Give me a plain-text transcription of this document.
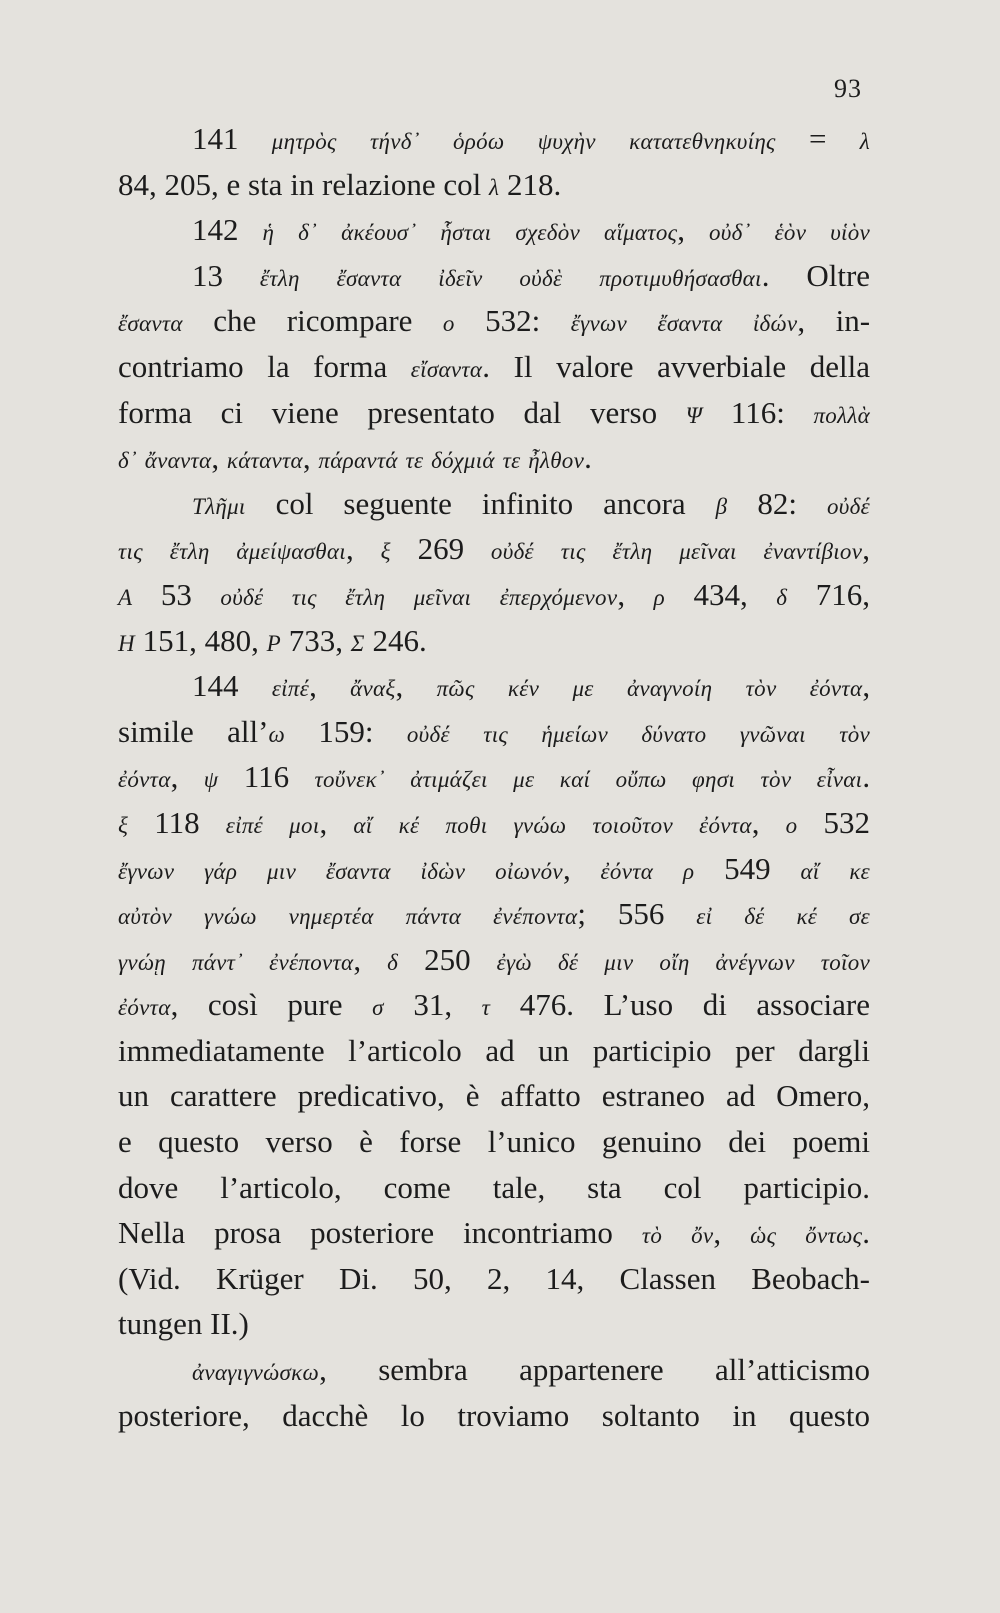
93
141 μητρὸς τήνδ᾽ ὁρόω ψυχὴν κατατεθνηκυίης = λ
84, 205, e sta in relazione col λ 218.
142 ἡ δ᾽ ἀκέουσ᾽ ἧσται σχεδὸν αἵματος, οὐδ᾽ ἑὸν υἱὸν
13 ἔτλη ἔσαντα ἰδεῖν οὐδὲ προτιμυθήσασθαι. Oltre
ἔσαντα che ricompare ο 532: ἔγνων ἔσαντα ἰδών, in-
contriamo la forma εἴσαντα. Il valore avverbiale della
forma ci viene presentato dal verso Ψ 116: πολλὰ
δ᾽ ἄναντα, κάταντα, πάραντά τε δόχμιά τε ἦλθον.
Τλῆμι col seguente infinito ancora β 82: οὐδέ
τις ἔτλη ἀμείψασθαι, ξ 269 οὐδέ τις ἔτλη μεῖναι ἐναντίβιον,
Α 53 οὐδέ τις ἔτλη μεῖναι ἐπερχόμενον, ρ 434, δ 716,
Η 151, 480, Ρ 733, Σ 246.
144 εἰπέ, ἄναξ, πῶς κέν με ἀναγνοίη τὸν ἐόντα,
simile all’ω 159: οὐδέ τις ἡμείων δύνατο γνῶναι τὸν
ἐόντα, ψ 116 τοὔνεκ᾽ ἀτιμάζει με καί οὔπω φησι τὸν εἶναι.
ξ 118 εἰπέ μοι, αἴ κέ ποθι γνώω τοιοῦτον ἐόντα, ο 532
ἔγνων γάρ μιν ἔσαντα ἰδὼν οἰωνόν, ἐόντα ρ 549 αἴ κε
αὐτὸν γνώω νημερτέα πάντα ἐνέποντα; 556 εἰ δέ κέ σε
γνώῃ πάντ᾽ ἐνέποντα, δ 250 ἐγὼ δέ μιν οἴη ἀνέγνων τοῖον
ἐόντα, così pure σ 31, τ 476. L’uso di associare
immediatamente l’articolo ad un participio per dargli
un carattere predicativo, è affatto estraneo ad Omero,
e questo verso è forse l’unico genuino dei poemi
dove l’articolo, come tale, sta col participio.
Nella prosa posteriore incontriamo τὸ ὄν, ὡς ὄντως.
(Vid. Krüger Di. 50, 2, 14, Classen Beobach-
tungen II.)
ἀναγιγνώσκω, sembra appartenere all’atticismo
posteriore, dacchè lo troviamo soltanto in questo
